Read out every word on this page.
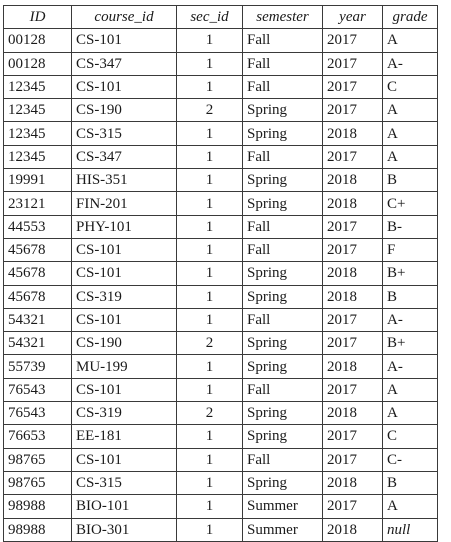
ID	course_id	sec_id	semester	year	grade
00128	CS-101	1	Fall	2017	A
00128	CS-347	1	Fall	2017	A-
12345	CS-101	1	Fall	2017	C
12345	CS-190	2	Spring	2017	A
12345	CS-315	1	Spring	2018	A
12345	CS-347	1	Fall	2017	A
19991	HIS-351	1	Spring	2018	B
23121	FIN-201	1	Spring	2018	C+
44553	PHY-101	1	Fall	2017	B-
45678	CS-101	1	Fall	2017	F
45678	CS-101	1	Spring	2018	B+
45678	CS-319	1	Spring	2018	B
54321	CS-101	1	Fall	2017	A-
54321	CS-190	2	Spring	2017	B+
55739	MU-199	1	Spring	2018	A-
76543	CS-101	1	Fall	2017	A
76543	CS-319	2	Spring	2018	A
76653	EE-181	1	Spring	2017	C
98765	CS-101	1	Fall	2017	C-
98765	CS-315	1	Spring	2018	B
98988	BIO-101	1	Summer	2017	A
98988	BIO-301	1	Summer	2018	null
